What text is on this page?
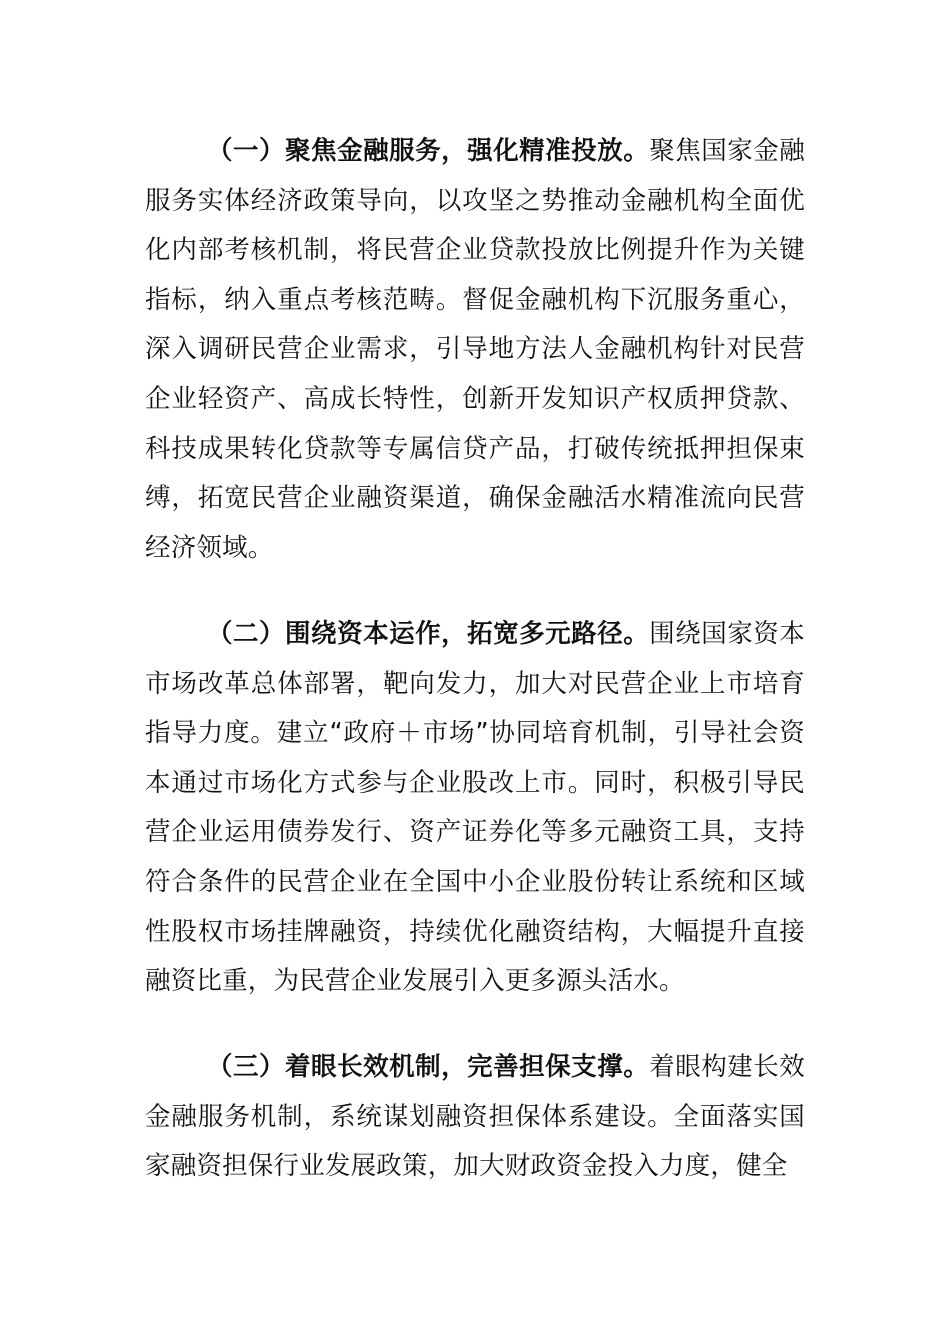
（一）聚焦金融服务，强化精准投放。聚焦国家金融服务实体经济政策导向，以攻坚之势推动金融机构全面优化内部考核机制，将民营企业贷款投放比例提升作为关键指标，纳入重点考核范畴。督促金融机构下沉服务重心，深入调研民营企业需求，引导地方法人金融机构针对民营企业轻资产、高成长特性，创新开发知识产权质押贷款、科技成果转化贷款等专属信贷产品，打破传统抵押担保束缚，拓宽民营企业融资渠道，确保金融活水精准流向民营经济领域。

（二）围绕资本运作，拓宽多元路径。围绕国家资本市场改革总体部署，靶向发力，加大对民营企业上市培育指导力度。建立“政府＋市场”协同培育机制，引导社会资本通过市场化方式参与企业股改上市。同时，积极引导民营企业运用债券发行、资产证券化等多元融资工具，支持符合条件的民营企业在全国中小企业股份转让系统和区域性股权市场挂牌融资，持续优化融资结构，大幅提升直接融资比重，为民营企业发展引入更多源头活水。

（三）着眼长效机制，完善担保支撑。着眼构建长效金融服务机制，系统谋划融资担保体系建设。全面落实国家融资担保行业发展政策，加大财政资金投入力度，健全
